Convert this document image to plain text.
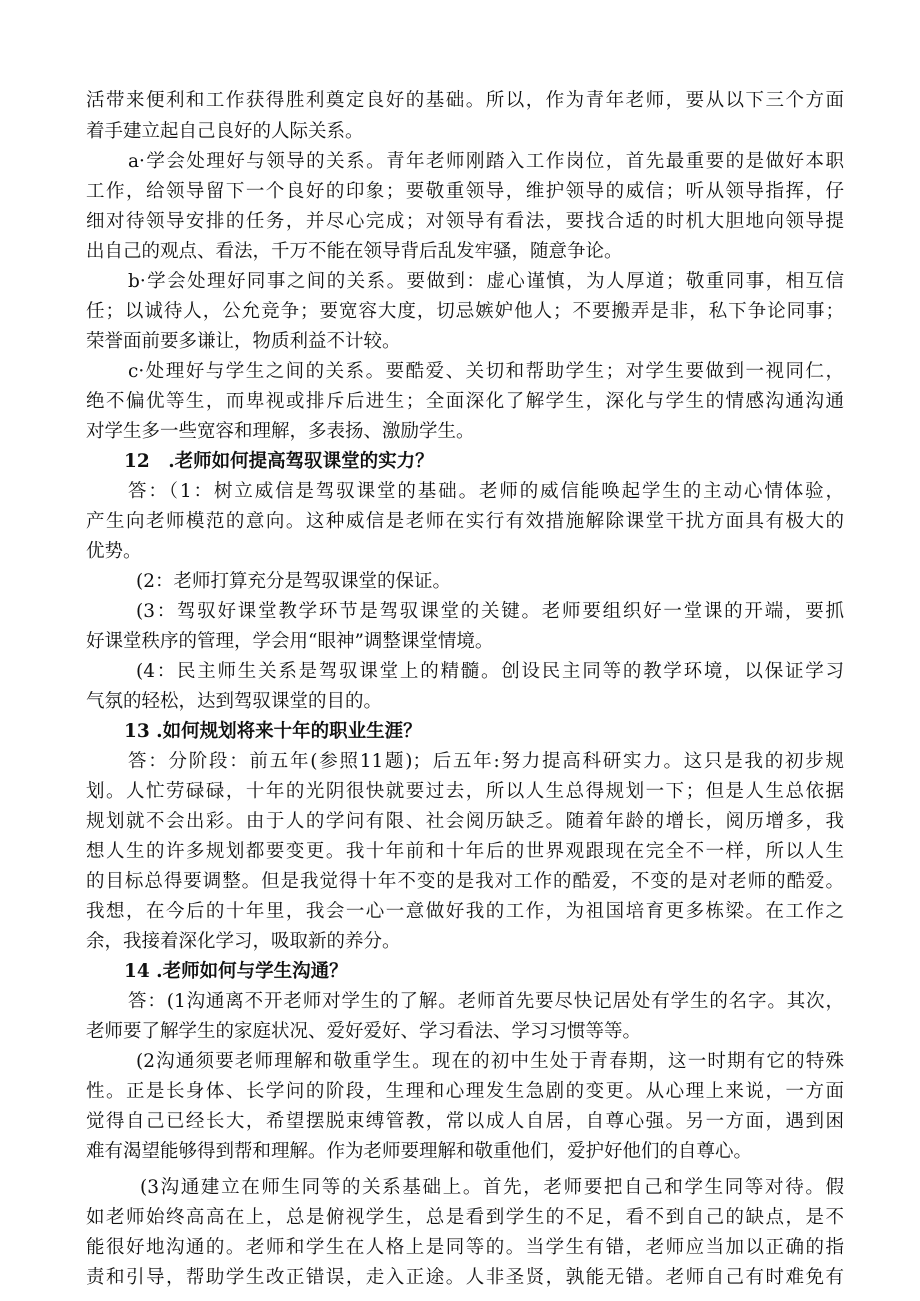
活带来便利和工作获得胜利奠定良好的基础。所以，作为青年老师，要从以下三个方面
着手建立起自己良好的人际关系。
a·学会处理好与领导的关系。青年老师刚踏入工作岗位，首先最重要的是做好本职
工作，给领导留下一个良好的印象；要敬重领导，维护领导的威信；听从领导指挥，仔
细对待领导安排的任务，并尽心完成；对领导有看法，要找合适的时机大胆地向领导提
出自己的观点、看法，千万不能在领导背后乱发牢骚，随意争论。
b·学会处理好同事之间的关系。要做到：虚心谨慎，为人厚道；敬重同事，相互信
任；以诚待人，公允竞争；要宽容大度，切忌嫉妒他人；不要搬弄是非，私下争论同事；
荣誉面前要多谦让，物质利益不计较。
c·处理好与学生之间的关系。要酷爱、关切和帮助学生；对学生要做到一视同仁，
绝不偏优等生，而卑视或排斥后进生；全面深化了解学生，深化与学生的情感沟通沟通
对学生多一些宽容和理解，多表扬、激励学生。
12　.老师如何提高驾驭课堂的实力？
答：（1：树立威信是驾驭课堂的基础。老师的威信能唤起学生的主动心情体验，
产生向老师模范的意向。这种威信是老师在实行有效措施解除课堂干扰方面具有极大的
优势。
(2：老师打算充分是驾驭课堂的保证。
(3：驾驭好课堂教学环节是驾驭课堂的关键。老师要组织好一堂课的开端，要抓
好课堂秩序的管理，学会用“眼神”调整课堂情境。
(4：民主师生关系是驾驭课堂上的精髓。创设民主同等的教学环境，以保证学习
气氛的轻松，达到驾驭课堂的目的。
13 .如何规划将来十年的职业生涯？
答：分阶段：前五年(参照11题)；后五年:努力提高科研实力。这只是我的初步规
划。人忙劳碌碌，十年的光阴很快就要过去，所以人生总得规划一下；但是人生总依据
规划就不会出彩。由于人的学问有限、社会阅历缺乏。随着年龄的增长，阅历增多，我
想人生的许多规划都要变更。我十年前和十年后的世界观跟现在完全不一样，所以人生
的目标总得要调整。但是我觉得十年不变的是我对工作的酷爱，不变的是对老师的酷爱。
我想，在今后的十年里，我会一心一意做好我的工作，为祖国培育更多栋梁。在工作之
余，我接着深化学习，吸取新的养分。
14 .老师如何与学生沟通？
答：(1沟通离不开老师对学生的了解。老师首先要尽快记居处有学生的名字。其次，
老师要了解学生的家庭状况、爱好爱好、学习看法、学习习惯等等。
(2沟通须要老师理解和敬重学生。现在的初中生处于青春期，这一时期有它的特殊
性。正是长身体、长学问的阶段，生理和心理发生急剧的变更。从心理上来说，一方面
觉得自己已经长大，希望摆脱束缚管教，常以成人自居，自尊心强。另一方面，遇到困
难有渴望能够得到帮和理解。作为老师要理解和敬重他们，爱护好他们的自尊心。
(3沟通建立在师生同等的关系基础上。首先，老师要把自己和学生同等对待。假
如老师始终高高在上，总是俯视学生，总是看到学生的不足，看不到自己的缺点，是不
能很好地沟通的。老师和学生在人格上是同等的。当学生有错，老师应当加以正确的指
责和引导，帮助学生改正错误，走入正途。人非圣贤，孰能无错。老师自己有时难免有
